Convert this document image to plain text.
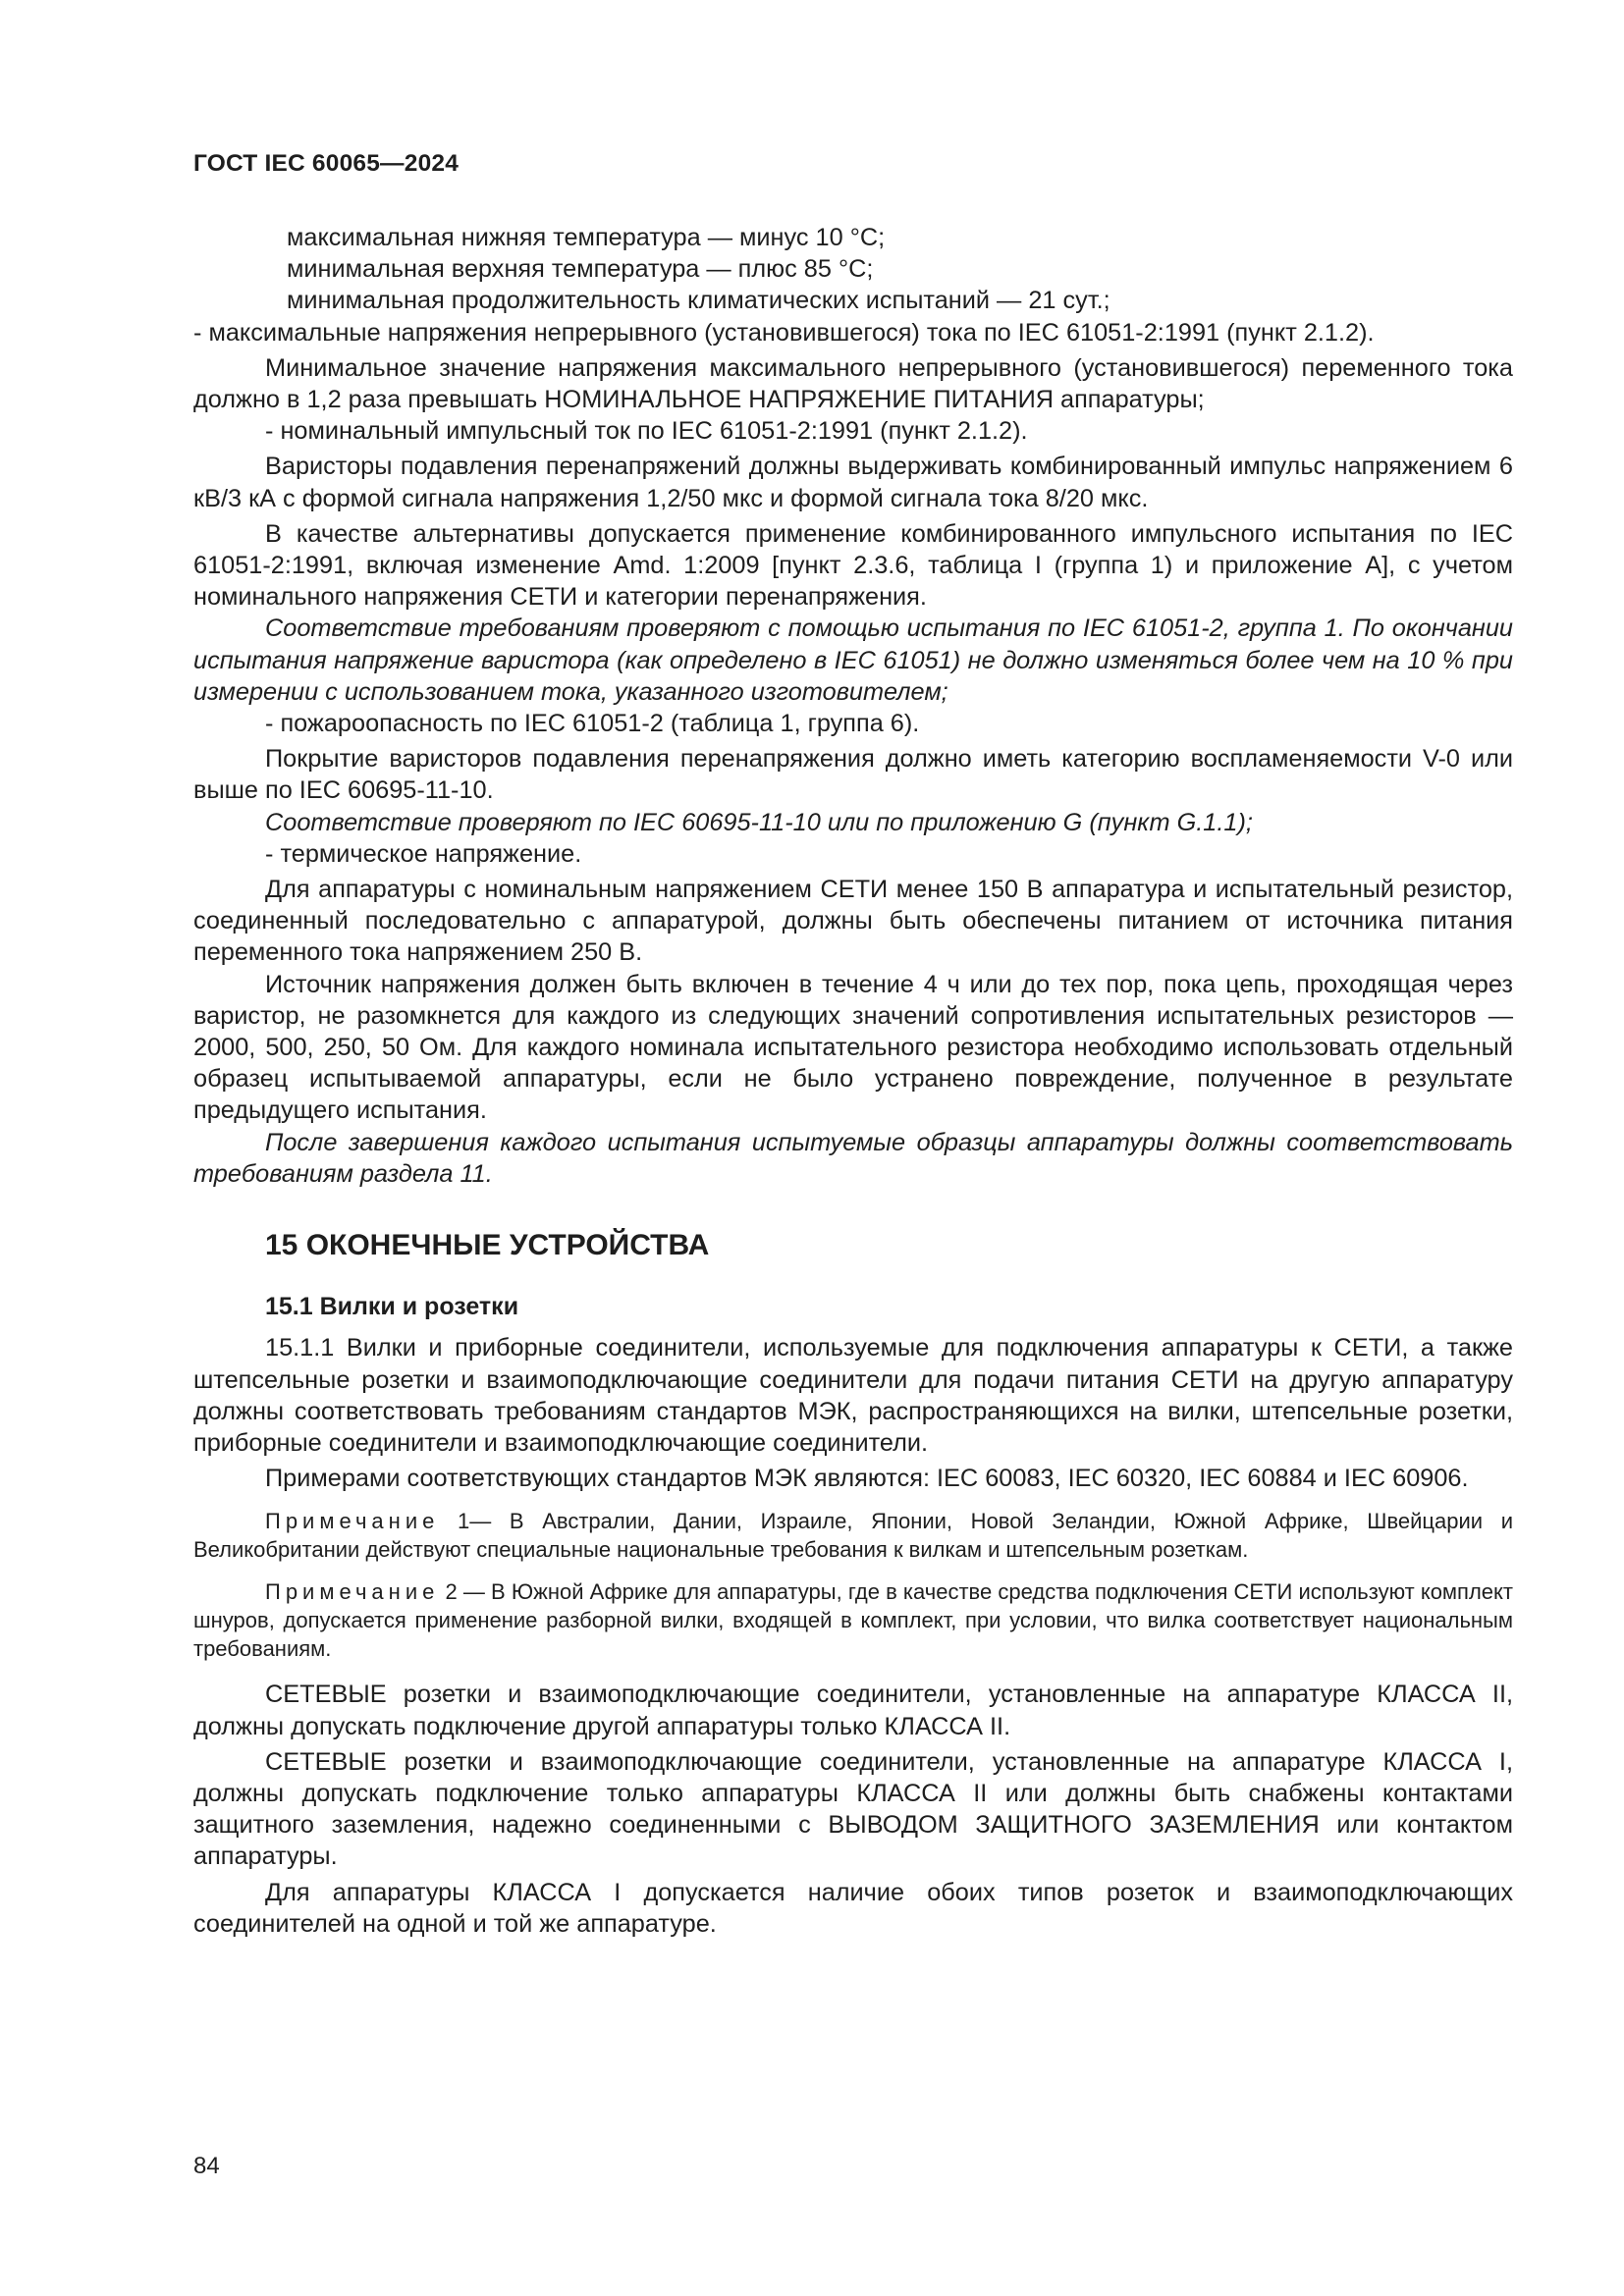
ГОСТ IEC 60065—2024

максимальная нижняя температура — минус 10 °С;

минимальная верхняя температура — плюс 85 °С;

минимальная продолжительность климатических испытаний — 21 сут.;

- максимальные напряжения непрерывного (установившегося) тока по IEC 61051-2:1991 (пункт 2.1.2).

Минимальное значение напряжения максимального непрерывного (установившегося) переменного тока должно в 1,2 раза превышать НОМИНАЛЬНОЕ НАПРЯЖЕНИЕ ПИТАНИЯ аппаратуры;

- номинальный импульсный ток по IEC 61051-2:1991 (пункт 2.1.2).

Варисторы подавления перенапряжений должны выдерживать комбинированный импульс напряжением 6 кВ/3 кА с формой сигнала напряжения 1,2/50 мкс и формой сигнала тока 8/20 мкс.

В качестве альтернативы допускается применение комбинированного импульсного испытания по IEC 61051-2:1991, включая изменение Amd. 1:2009 [пункт 2.3.6, таблица I (группа 1) и приложение А], с учетом номинального напряжения СЕТИ и категории перенапряжения.

Соответствие требованиям проверяют с помощью испытания по IEC 61051-2, группа 1. По окончании испытания напряжение варистора (как определено в IEC 61051) не должно изменяться более чем на 10 % при измерении с использованием тока, указанного изготовителем;

- пожароопасность по IEC 61051-2 (таблица 1, группа 6).

Покрытие варисторов подавления перенапряжения должно иметь категорию воспламеняемости V-0 или выше по IEC 60695-11-10.

Соответствие проверяют по IEC 60695-11-10 или по приложению G (пункт G.1.1);

- термическое напряжение.

Для аппаратуры с номинальным напряжением СЕТИ менее 150 В аппаратура и испытательный резистор, соединенный последовательно с аппаратурой, должны быть обеспечены питанием от источника питания переменного тока напряжением 250 В.

Источник напряжения должен быть включен в течение 4 ч или до тех пор, пока цепь, проходящая через варистор, не разомкнется для каждого из следующих значений сопротивления испытательных резисторов — 2000, 500, 250, 50 Ом. Для каждого номинала испытательного резистора необходимо использовать отдельный образец испытываемой аппаратуры, если не было устранено повреждение, полученное в результате предыдущего испытания.

После завершения каждого испытания испытуемые образцы аппаратуры должны соответствовать требованиям раздела 11.

15 ОКОНЕЧНЫЕ УСТРОЙСТВА

15.1 Вилки и розетки

15.1.1 Вилки и приборные соединители, используемые для подключения аппаратуры к СЕТИ, а также штепсельные розетки и взаимоподключающие соединители для подачи питания СЕТИ на другую аппаратуру должны соответствовать требованиям стандартов МЭК, распространяющихся на вилки, штепсельные розетки, приборные соединители и взаимоподключающие соединители.

Примерами соответствующих стандартов МЭК являются: IEC 60083, IEC 60320, IEC 60884 и IEC 60906.

Примечание 1— В Австралии, Дании, Израиле, Японии, Новой Зеландии, Южной Африке, Швейцарии и Великобритании действуют специальные национальные требования к вилкам и штепсельным розеткам.

Примечание 2 — В Южной Африке для аппаратуры, где в качестве средства подключения СЕТИ используют комплект шнуров, допускается применение разборной вилки, входящей в комплект, при условии, что вилка соответствует национальным требованиям.

СЕТЕВЫЕ розетки и взаимоподключающие соединители, установленные на аппаратуре КЛАССА II, должны допускать подключение другой аппаратуры только КЛАССА II.

СЕТЕВЫЕ розетки и взаимоподключающие соединители, установленные на аппаратуре КЛАССА I, должны допускать подключение только аппаратуры КЛАССА II или должны быть снабжены контактами защитного заземления, надежно соединенными с ВЫВОДОМ ЗАЩИТНОГО ЗАЗЕМЛЕНИЯ или контактом аппаратуры.

Для аппаратуры КЛАССА I допускается наличие обоих типов розеток и взаимоподключающих соединителей на одной и той же аппаратуре.

84
